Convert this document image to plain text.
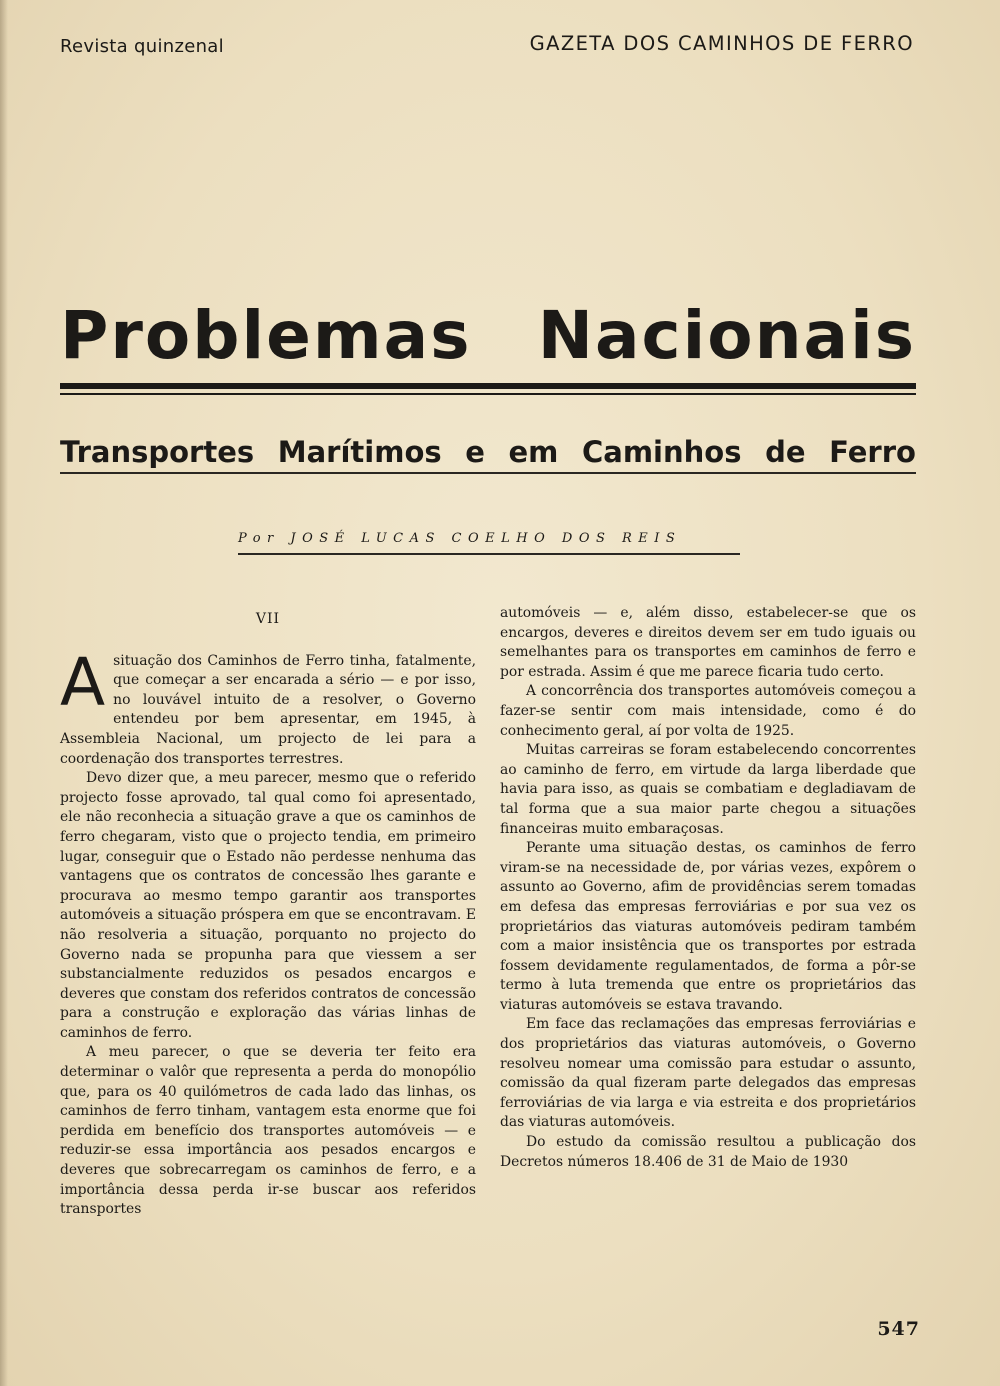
Revista quinzenal	GAZETA DOS CAMINHOS DE FERRO
Problemas Nacionais
Transportes Marítimos e em Caminhos de Ferro
Por JOSÉ LUCAS COELHO DOS REIS
VII

Asituação dos Caminhos de Ferro tinha, fatalmente, que começar a ser encarada a sério — e por isso, no louvável intuito de a resolver, o Governo entendeu por bem apresentar, em 1945, à Assembleia Nacional, um projecto de lei para a coordenação dos transportes terrestres.

Devo dizer que, a meu parecer, mesmo que o referido projecto fosse aprovado, tal qual como foi apresentado, ele não reconhecia a situação grave a que os caminhos de ferro chegaram, visto que o projecto tendia, em primeiro lugar, conseguir que o Estado não perdesse nenhuma das vantagens que os contratos de concessão lhes garante e procurava ao mesmo tempo garantir aos transportes automóveis a situação próspera em que se encontravam. E não resolveria a situação, porquanto no projecto do Governo nada se propunha para que viessem a ser substancialmente reduzidos os pesados encargos e deveres que constam dos referidos contratos de concessão para a construção e exploração das várias linhas de caminhos de ferro.

A meu parecer, o que se deveria ter feito era determinar o valôr que representa a perda do monopólio que, para os 40 quilómetros de cada lado das linhas, os caminhos de ferro tinham, vantagem esta enorme que foi perdida em benefício dos transportes automóveis — e reduzir-se essa importância aos pesados encargos e deveres que sobrecarregam os caminhos de ferro, e a importância dessa perda ir-se buscar aos referidos transportes

automóveis — e, além disso, estabelecer-se que os encargos, deveres e direitos devem ser em tudo iguais ou semelhantes para os transportes em caminhos de ferro e por estrada. Assim é que me parece ficaria tudo certo.

A concorrência dos transportes automóveis começou a fazer-se sentir com mais intensidade, como é do conhecimento geral, aí por volta de 1925.

Muitas carreiras se foram estabelecendo concorrentes ao caminho de ferro, em virtude da larga liberdade que havia para isso, as quais se combatiam e degladiavam de tal forma que a sua maior parte chegou a situações financeiras muito embaraçosas.

Perante uma situação destas, os caminhos de ferro viram-se na necessidade de, por várias vezes, expôrem o assunto ao Governo, afim de providências serem tomadas em defesa das empresas ferroviárias e por sua vez os proprietários das viaturas automóveis pediram também com a maior insistência que os transportes por estrada fossem devidamente regulamentados, de forma a pôr-se termo à luta tremenda que entre os proprietários das viaturas automóveis se estava travando.

Em face das reclamações das empresas ferroviárias e dos proprietários das viaturas automóveis, o Governo resolveu nomear uma comissão para estudar o assunto, comissão da qual fizeram parte delegados das empresas ferroviárias de via larga e via estreita e dos proprietários das viaturas automóveis.

Do estudo da comissão resultou a publicação dos Decretos números 18.406 de 31 de Maio de 1930

547
